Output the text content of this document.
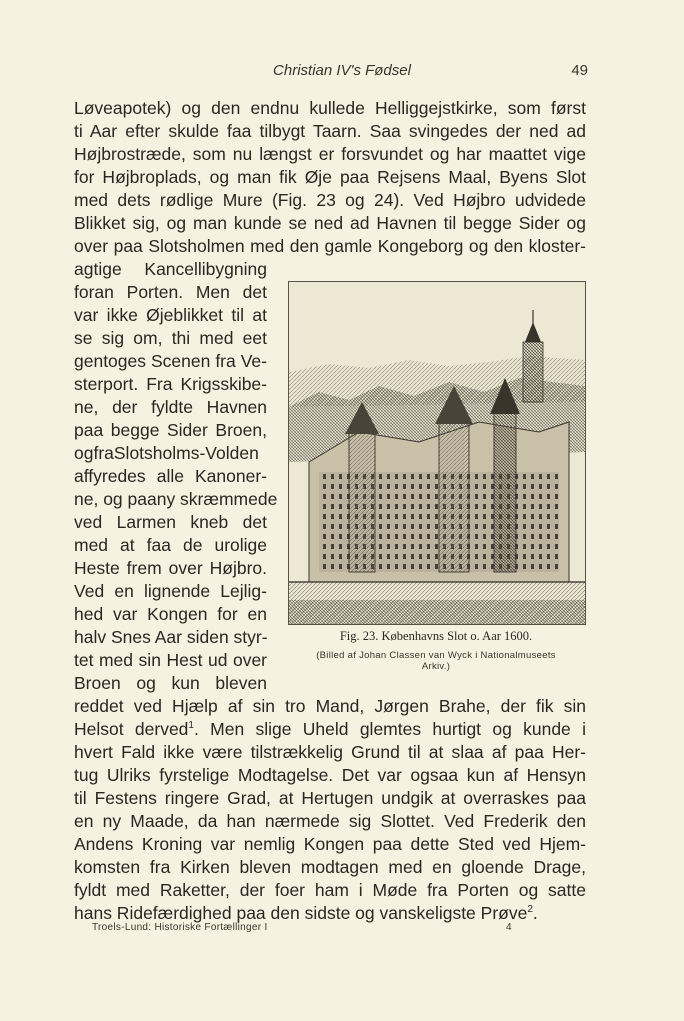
Christian IV's Fødsel	49
Løveapotek) og den endnu kullede Helliggejstkirke, som først
ti Aar efter skulde faa tilbygt Taarn. Saa svingedes der ned ad
Højbrostræde, som nu længst er forsvundet og har maattet vige
for Højbroplads, og man fik Øje paa Rejsens Maal, Byens Slot
med dets rødlige Mure (Fig. 23 og 24). Ved Højbro udvidede
Blikket sig, og man kunde se ned ad Havnen til begge Sider og
over paa Slotsholmen med den gamle Kongeborg og den kloster-
agtige Kancellibygning
foran Porten. Men det
var ikke Øjeblikket til at
se sig om, thi med eet
gentoges Scenen fra Ve-
sterport. Fra Krigsskibe-
ne, der fyldte Havnen
paa begge Sider Broen,
ogfraSlotsholms-Volden
affyredes alle Kanoner-
ne, og paany skræmmede
ved Larmen kneb det
med at faa de urolige
Heste frem over Højbro.
Ved en lignende Lejlig-
hed var Kongen for en
halv Snes Aar siden styr-
tet med sin Hest ud over
Broen og kun bleven
reddet ved Hjælp af sin tro Mand, Jørgen Brahe, der fik sin
Helsot derved$^1$. Men slige Uheld glemtes hurtigt og kunde i
hvert Fald ikke være tilstrækkelig Grund til at slaa af paa Her-
tug Ulriks fyrstelige Modtagelse. Det var ogsaa kun af Hensyn
til Festens ringere Grad, at Hertugen undgik at overraskes paa
en ny Maade, da han nærmede sig Slottet. Ved Frederik den
Andens Kroning var nemlig Kongen paa dette Sted ved Hjem-
komsten fra Kirken bleven modtagen med en gloende Drage,
fyldt med Raketter, der foer ham i Møde fra Porten og satte
hans Ridefærdighed paa den sidste og vanskeligste Prøve$^2$.
Fig. 23. Københavns Slot o. Aar 1600.
(Billed af Johan Classen van Wyck i Nationalmuseets
Arkiv.)
Troels-Lund: Historiske Fortællinger I	4
